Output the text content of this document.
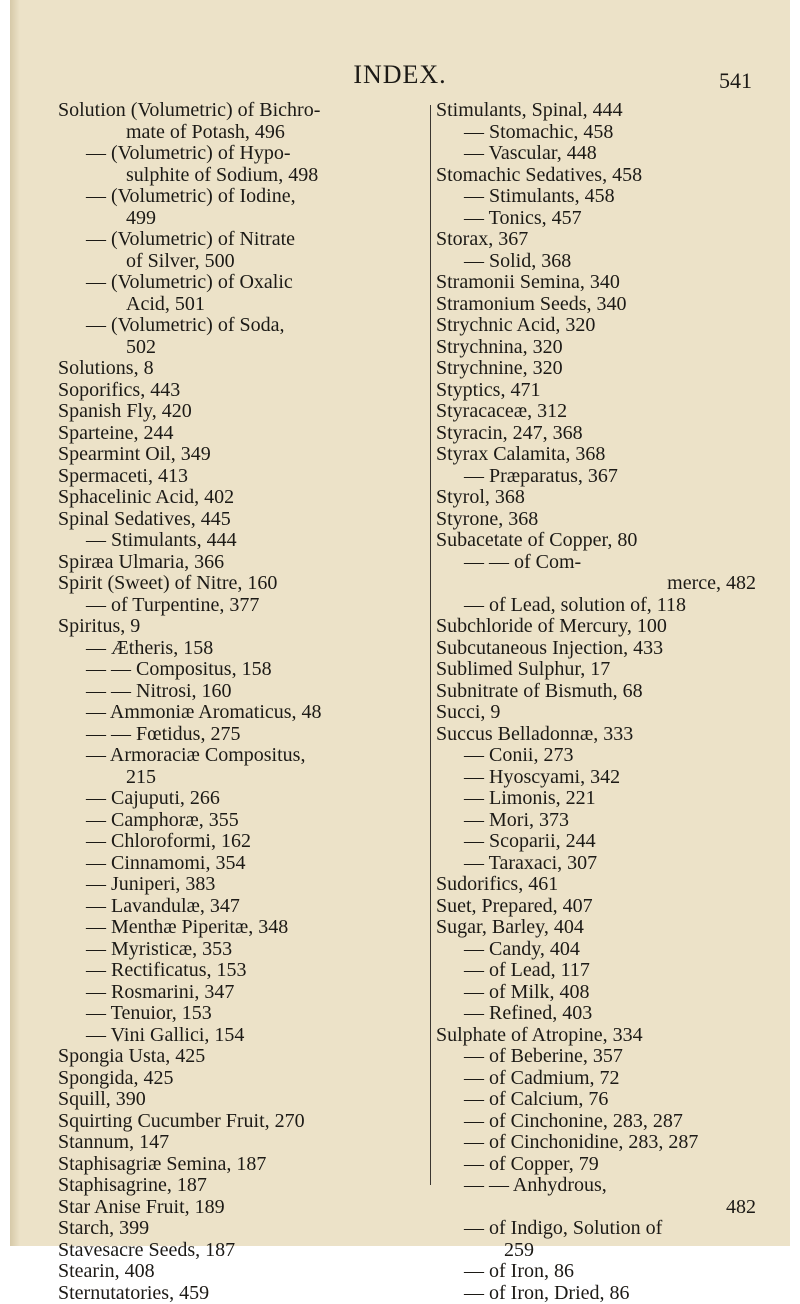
INDEX.	541
Solution (Volumetric) of Bichro-
mate of Potash, 496
— (Volumetric) of Hypo-
sulphite of Sodium, 498
— (Volumetric) of Iodine,
499
— (Volumetric) of Nitrate
of Silver, 500
— (Volumetric) of Oxalic
Acid, 501
— (Volumetric) of Soda,
502
Solutions, 8
Soporifics, 443
Spanish Fly, 420
Sparteine, 244
Spearmint Oil, 349
Spermaceti, 413
Sphacelinic Acid, 402
Spinal Sedatives, 445
— Stimulants, 444
Spiræa Ulmaria, 366
Spirit (Sweet) of Nitre, 160
— of Turpentine, 377
Spiritus, 9
— Ætheris, 158
— — Compositus, 158
— — Nitrosi, 160
— Ammoniæ Aromaticus, 48
— — Fœtidus, 275
— Armoraciæ Compositus,
215
— Cajuputi, 266
— Camphoræ, 355
— Chloroformi, 162
— Cinnamomi, 354
— Juniperi, 383
— Lavandulæ, 347
— Menthæ Piperitæ, 348
— Myristicæ, 353
— Rectificatus, 153
— Rosmarini, 347
— Tenuior, 153
— Vini Gallici, 154
Spongia Usta, 425
Spongida, 425
Squill, 390
Squirting Cucumber Fruit, 270
Stannum, 147
Staphisagriæ Semina, 187
Staphisagrine, 187
Star Anise Fruit, 189
Starch, 399
Stavesacre Seeds, 187
Stearin, 408
Sternutatories, 459
Stimulants, Spinal, 444
— Stomachic, 458
— Vascular, 448
Stomachic Sedatives, 458
— Stimulants, 458
— Tonics, 457
Storax, 367
— Solid, 368
Stramonii Semina, 340
Stramonium Seeds, 340
Strychnic Acid, 320
Strychnina, 320
Strychnine, 320
Styptics, 471
Styracaceæ, 312
Styracin, 247, 368
Styrax Calamita, 368
— Præparatus, 367
Styrol, 368
Styrone, 368
Subacetate of Copper, 80
— — of Com-
merce, 482
— of Lead, solution of, 118
Subchloride of Mercury, 100
Subcutaneous Injection, 433
Sublimed Sulphur, 17
Subnitrate of Bismuth, 68
Succi, 9
Succus Belladonnæ, 333
— Conii, 273
— Hyoscyami, 342
— Limonis, 221
— Mori, 373
— Scoparii, 244
— Taraxaci, 307
Sudorifics, 461
Suet, Prepared, 407
Sugar, Barley, 404
— Candy, 404
— of Lead, 117
— of Milk, 408
— Refined, 403
Sulphate of Atropine, 334
— of Beberine, 357
— of Cadmium, 72
— of Calcium, 76
— of Cinchonine, 283, 287
— of Cinchonidine, 283, 287
— of Copper, 79
— — Anhydrous,
482
— of Indigo, Solution of
259
— of Iron, 86
— of Iron, Dried, 86
